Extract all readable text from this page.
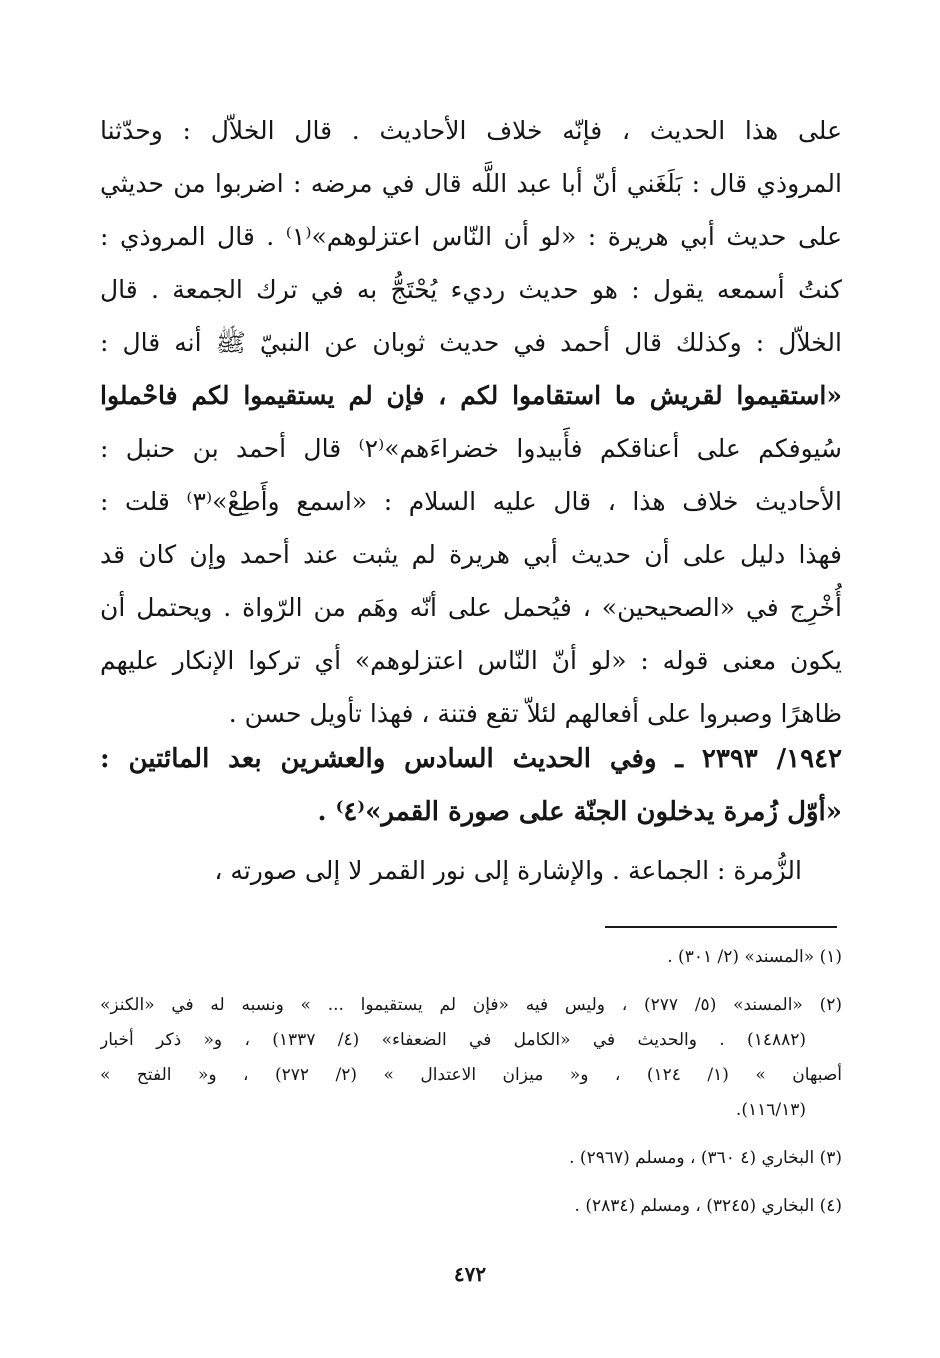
على هذا الحديث ، فإنّه خلاف الأحاديث . قال الخلاّل : وحدّثنا
المروذي قال : بَلَغَني أنّ أبا عبد اللَّه قال في مرضه : اضربوا من حديثي
على حديث أبي هريرة : «لو أن النّاس اعتزلوهم»⁽١⁾ . قال المروذي :
كنتُ أسمعه يقول : هو حديث رديء يُحْتَجُّ به في ترك الجمعة . قال
الخلاّل : وكذلك قال أحمد في حديث ثوبان عن النبيّ ﷺ أنه قال :
«استقيموا لقريش ما استقاموا لكم ، فإن لم يستقيموا لكم فاحْملوا
سُيوفكم على أعناقكم فأَبيدوا خضراءَهم»⁽٢⁾ قال أحمد بن حنبل :
الأحاديث خلاف هذا ، قال عليه السلام : «اسمع وأَطِعْ»⁽٣⁾ قلت :
فهذا دليل على أن حديث أبي هريرة لم يثبت عند أحمد وإن كان قد
أُخْرِج في «الصحيحين» ، فيُحمل على أنّه وهَم من الرّواة . ويحتمل أن
يكون معنى قوله : «لو أنّ النّاس اعتزلوهم» أي تركوا الإنكار عليهم
ظاهرًا وصبروا على أفعالهم لئلاّ تقع فتنة ، فهذا تأويل حسن .
١٩٤٢/ ٢٣٩٣ ـ وفي الحديث السادس والعشرين بعد المائتين :
«أوّل زُمرة يدخلون الجنّة على صورة القمر»⁽٤⁾ .
الزُّمرة : الجماعة . والإشارة إلى نور القمر لا إلى صورته ،
(١) «المسند» (٢/ ٣٠١) .
(٢) «المسند» (٥/ ٢٧٧) ، وليس فيه «فإن لم يستقيموا ... » ونسبه له في «الكنز»
(١٤٨٨٢) . والحديث في «الكامل في الضعفاء» (٤/ ١٣٣٧) ، و« ذكر أخبار
أصبهان » (١/ ١٢٤) ، و« ميزان الاعتدال » (٢/ ٢٧٢) ، و« الفتح »
(١١٦/١٣).
(٣) البخاري (٤ ٣٦٠) ، ومسلم (٢٩٦٧) .
(٤) البخاري (٣٢٤٥) ، ومسلم (٢٨٣٤) .
٤٧٢
